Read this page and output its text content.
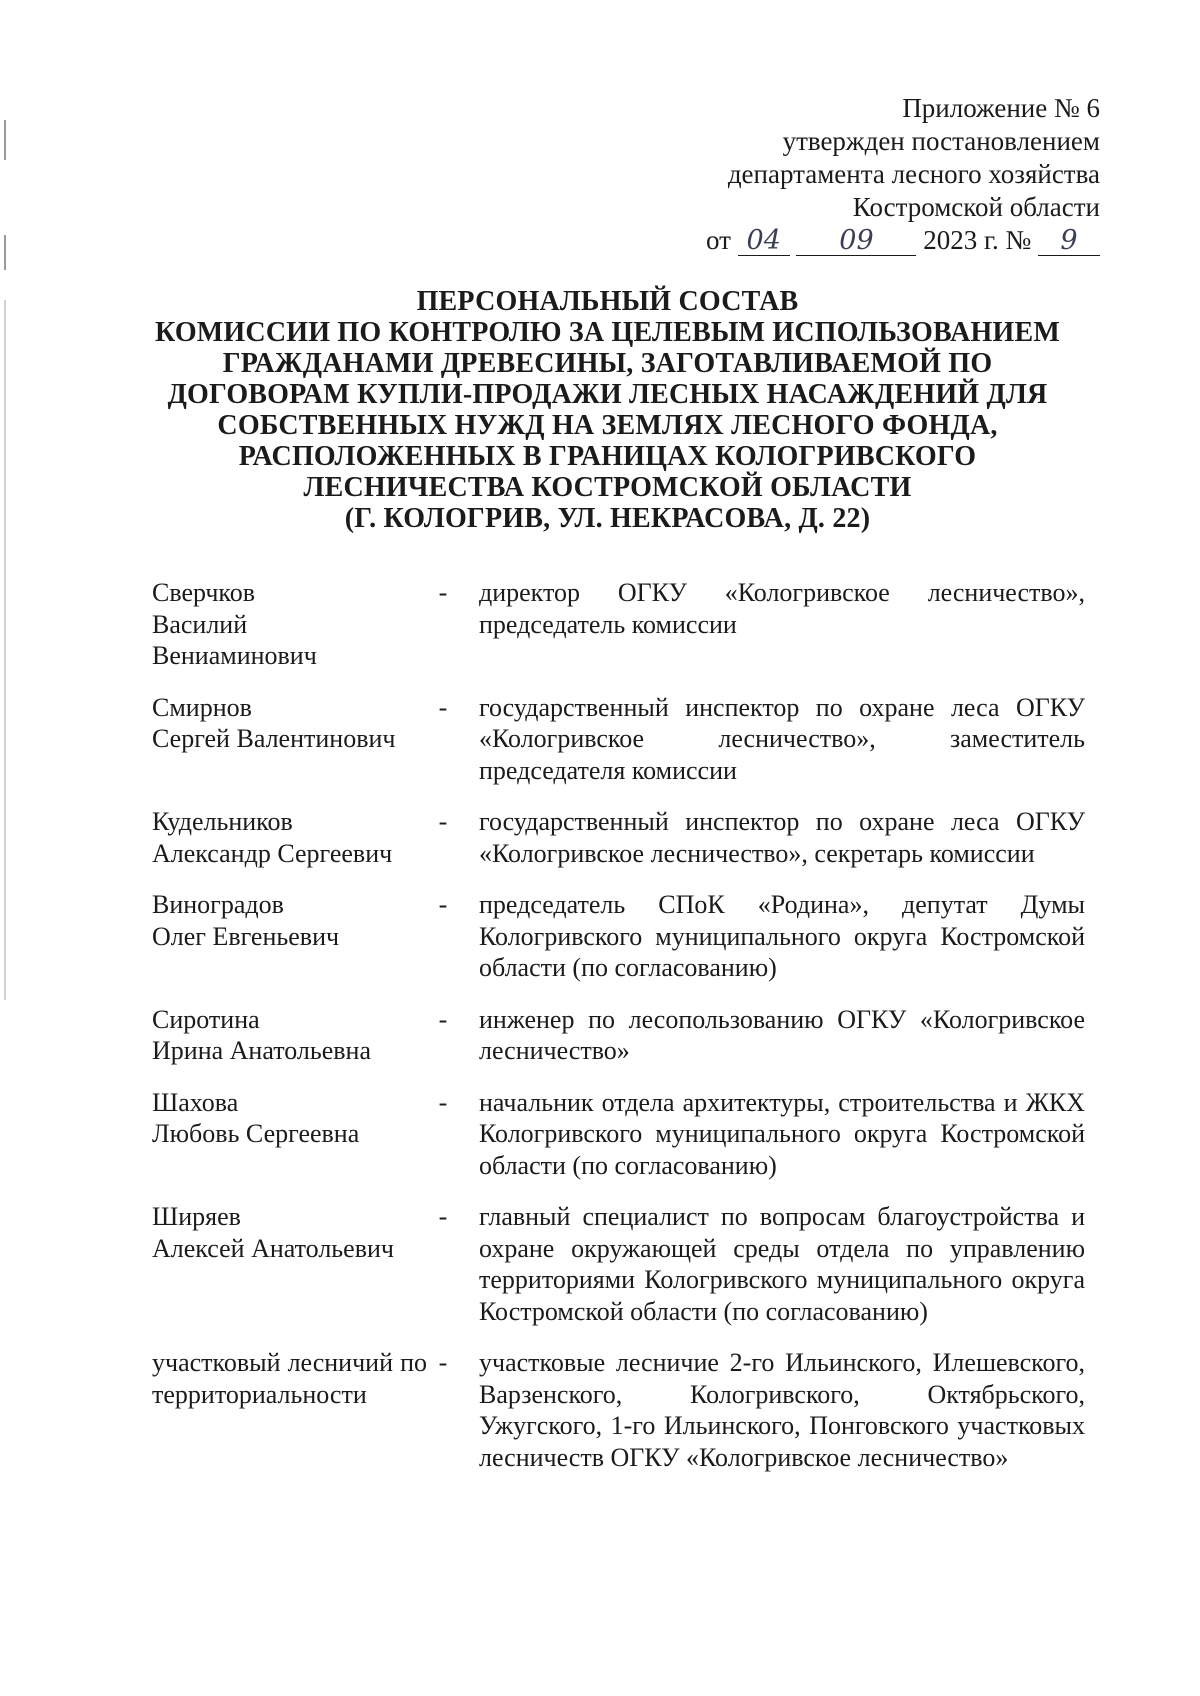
Приложение № 6
утвержден постановлением
департамента лесного хозяйства
Костромской области
от 04 09 2023 г. № 9
ПЕРСОНАЛЬНЫЙ СОСТАВ
КОМИССИИ ПО КОНТРОЛЮ ЗА ЦЕЛЕВЫМ ИСПОЛЬЗОВАНИЕМ
ГРАЖДАНАМИ ДРЕВЕСИНЫ, ЗАГОТАВЛИВАЕМОЙ ПО
ДОГОВОРАМ КУПЛИ-ПРОДАЖИ ЛЕСНЫХ НАСАЖДЕНИЙ ДЛЯ
СОБСТВЕННЫХ НУЖД НА ЗЕМЛЯХ ЛЕСНОГО ФОНДА,
РАСПОЛОЖЕННЫХ В ГРАНИЦАХ КОЛОГРИВСКОГО
ЛЕСНИЧЕСТВА КОСТРОМСКОЙ ОБЛАСТИ
(Г. КОЛОГРИВ, УЛ. НЕКРАСОВА, Д. 22)
Сверчков
Василий
Вениаминович
-	директор ОГКУ «Кологривское лесничество», председатель комиссии
Смирнов
Сергей Валентинович
-	государственный инспектор по охране леса ОГКУ «Кологривское лесничество», заместитель председателя комиссии
Кудельников
Александр Сергеевич
-	государственный инспектор по охране леса ОГКУ «Кологривское лесничество», секретарь комиссии
Виноградов
Олег Евгеньевич
-	председатель СПоК «Родина», депутат Думы Кологривского муниципального округа Костромской области (по согласованию)
Сиротина
Ирина Анатольевна
-	инженер по лесопользованию ОГКУ «Кологривское лесничество»
Шахова
Любовь Сергеевна
-	начальник отдела архитектуры, строительства и ЖКХ Кологривского муниципального округа Костромской области (по согласованию)
Ширяев
Алексей Анатольевич
-	главный специалист по вопросам благоустройства и охране окружающей среды отдела по управлению территориями Кологривского муниципального округа Костромской области (по согласованию)
участковый лесничий по территориальности
-	участковые лесничие 2-го Ильинского, Илешевского, Варзенского, Кологривского, Октябрьского, Ужугского, 1-го Ильинского, Понговского участковых лесничеств ОГКУ «Кологривское лесничество»
